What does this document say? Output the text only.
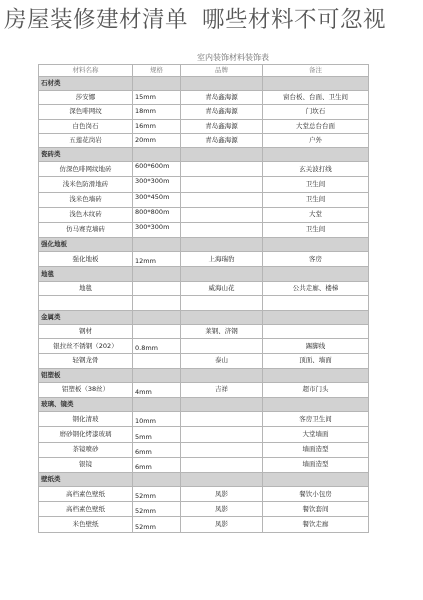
房屋装修建材清单 哪些材料不可忽视
室内装饰材料装饰表
材料名称	规格	品牌	备注
石材类			
莎安娜	15mm	青岛鑫海源	窗台板、台面、卫生间
深色啡网纹	18mm	青岛鑫海源	门坎石
白色岗石	16mm	青岛鑫海源	大堂总台台面
五莲花岗岩	20mm	青岛鑫海源	户外
瓷砖类			
仿深色啡网纹地砖	600*600m		玄关波打线
浅米色防滑地砖	300*300m		卫生间
浅米色墙砖	300*450m		卫生间
浅色木纹砖	800*800m		大堂
仿马赛克墙砖	300*300m		卫生间
强化地板			
强化地板	12mm	上海瑞豹	客房
地毯			
地毯		威海山花	公共走廊、楼梯

金属类			
钢材		莱钢、济钢	
银拉丝不锈钢（202）	0.8mm		踢脚线
轻钢龙骨		泰山	顶面、墙面
铝塑板			
铝塑板（38丝）	4mm	吉祥	超市门头
玻璃、镜类			
钢化清玻	10mm		客房卫生间
磨砂钢化烤漆玻璃	5mm		大堂墙面
茶镜喷砂	6mm		墙面造型
银镜	6mm		墙面造型
壁纸类			
高档素色壁纸	52mm	凤影	餐饮小包房
高档素色壁纸	52mm	凤影	餐饮套间
米色壁纸	52mm	凤影	餐饮走廊
